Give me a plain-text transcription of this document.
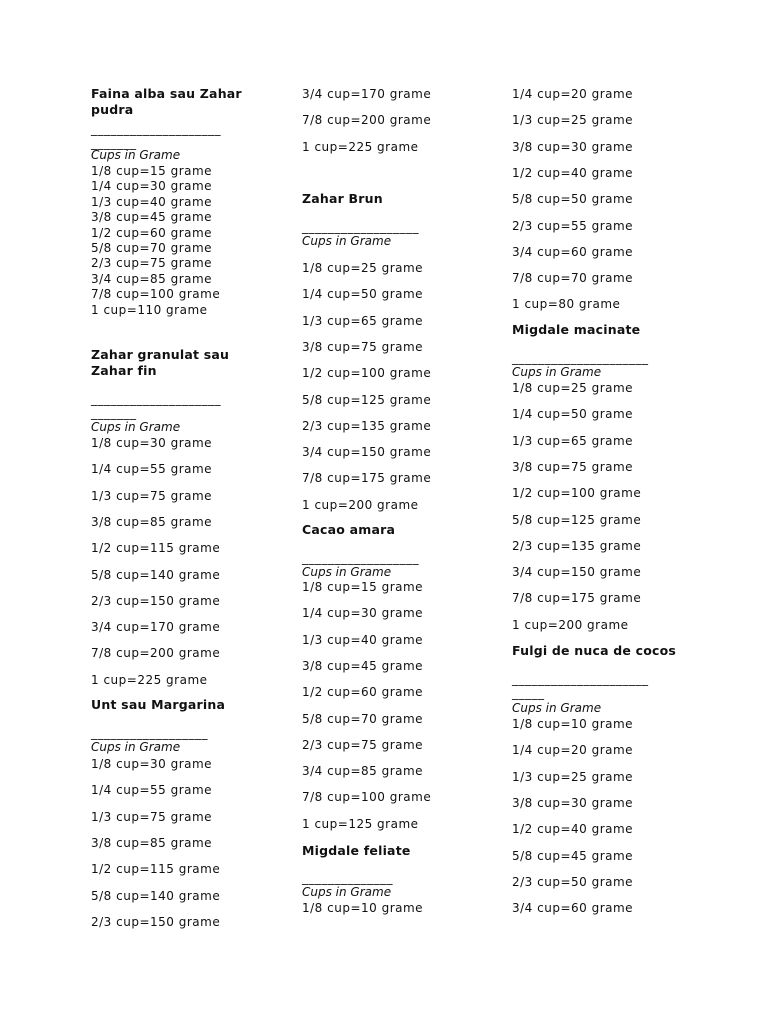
Faina alba sau Zahar pudra
____________________
_______
Cups in Grame
1/8 cup=15 grame
1/4 cup=30 grame
1/3 cup=40 grame
3/8 cup=45 grame
1/2 cup=60 grame
5/8 cup=70 grame
2/3 cup=75 grame
3/4 cup=85 grame
7/8 cup=100 grame
1 cup=110 grame
Zahar granulat sau Zahar fin
____________________
_______
Cups in Grame
1/8 cup=30 grame
1/4 cup=55 grame
1/3 cup=75 grame
3/8 cup=85 grame
1/2 cup=115 grame
5/8 cup=140 grame
2/3 cup=150 grame
3/4 cup=170 grame
7/8 cup=200 grame
1 cup=225 grame
Unt sau Margarina
__________________
Cups in Grame
1/8 cup=30 grame
1/4 cup=55 grame
1/3 cup=75 grame
3/8 cup=85 grame
1/2 cup=115 grame
5/8 cup=140 grame
2/3 cup=150 grame
3/4 cup=170 grame
7/8 cup=200 grame
1 cup=225 grame
Zahar Brun
__________________
Cups in Grame
1/8 cup=25 grame
1/4 cup=50 grame
1/3 cup=65 grame
3/8 cup=75 grame
1/2 cup=100 grame
5/8 cup=125 grame
2/3 cup=135 grame
3/4 cup=150 grame
7/8 cup=175 grame
1 cup=200 grame
Cacao amara
__________________
Cups in Grame
1/8 cup=15 grame
1/4 cup=30 grame
1/3 cup=40 grame
3/8 cup=45 grame
1/2 cup=60 grame
5/8 cup=70 grame
2/3 cup=75 grame
3/4 cup=85 grame
7/8 cup=100 grame
1 cup=125 grame
Migdale feliate
______________
Cups in Grame
1/8 cup=10 grame
1/4 cup=20 grame
1/3 cup=25 grame
3/8 cup=30 grame
1/2 cup=40 grame
5/8 cup=50 grame
2/3 cup=55 grame
3/4 cup=60 grame
7/8 cup=70 grame
1 cup=80 grame
Migdale macinate
_____________________
Cups in Grame
1/8 cup=25 grame
1/4 cup=50 grame
1/3 cup=65 grame
3/8 cup=75 grame
1/2 cup=100 grame
5/8 cup=125 grame
2/3 cup=135 grame
3/4 cup=150 grame
7/8 cup=175 grame
1 cup=200 grame
Fulgi de nuca de cocos
_____________________
_____
Cups in Grame
1/8 cup=10 grame
1/4 cup=20 grame
1/3 cup=25 grame
3/8 cup=30 grame
1/2 cup=40 grame
5/8 cup=45 grame
2/3 cup=50 grame
3/4 cup=60 grame
